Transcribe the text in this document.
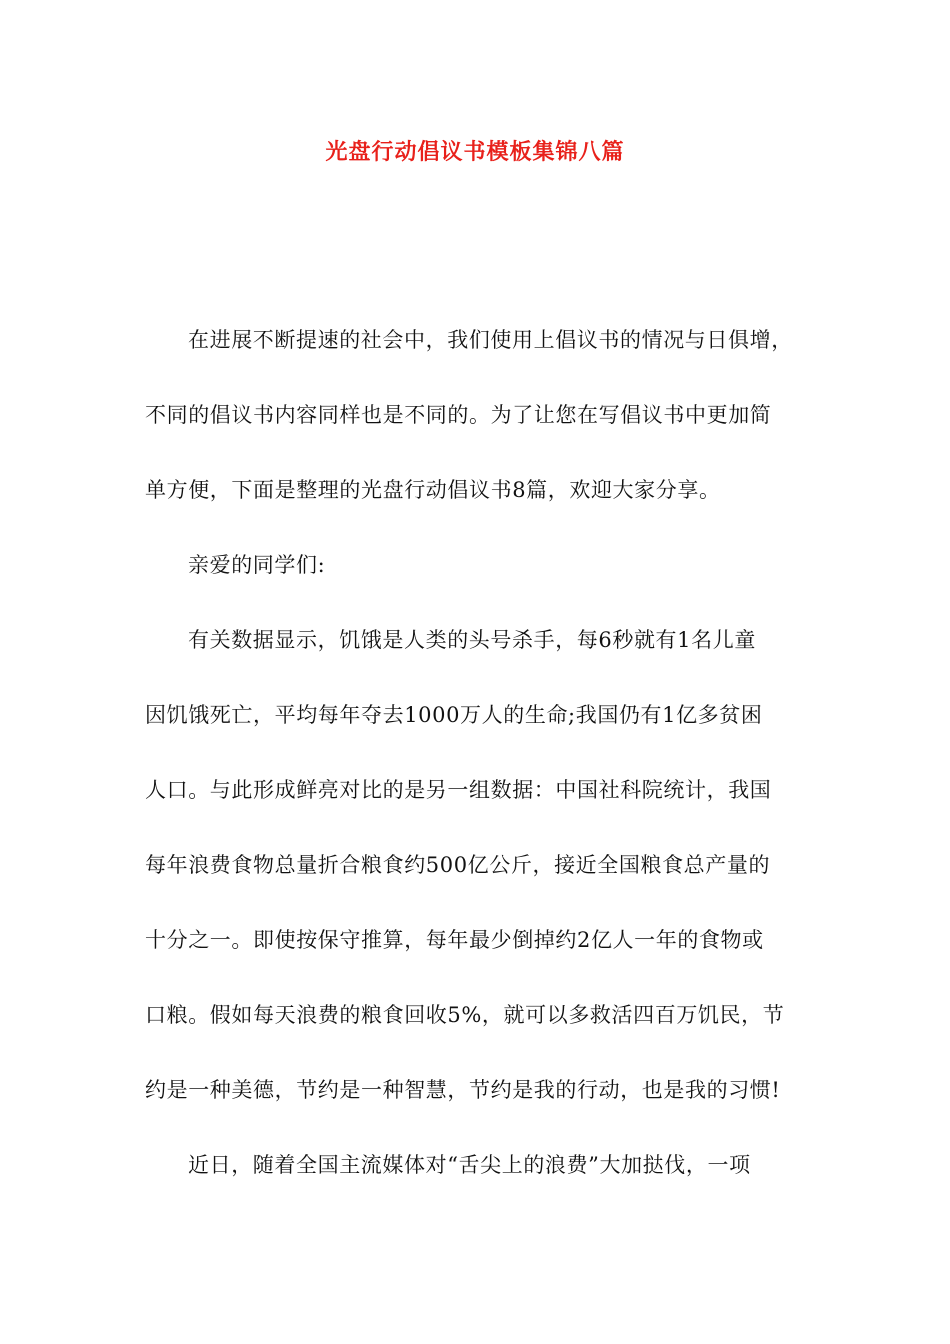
光盘行动倡议书模板集锦八篇
在进展不断提速的社会中，我们使用上倡议书的情况与日俱增，
不同的倡议书内容同样也是不同的。为了让您在写倡议书中更加简
单方便，下面是整理的光盘行动倡议书8篇，欢迎大家分享。
亲爱的同学们:
有关数据显示，饥饿是人类的头号杀手，每6秒就有1名儿童
因饥饿死亡，平均每年夺去1000万人的生命;我国仍有1亿多贫困
人口。与此形成鲜亮对比的是另一组数据：中国社科院统计，我国
每年浪费食物总量折合粮食约500亿公斤，接近全国粮食总产量的
十分之一。即使按保守推算，每年最少倒掉约2亿人一年的食物或
口粮。假如每天浪费的粮食回收5%，就可以多救活四百万饥民，节
约是一种美德，节约是一种智慧，节约是我的行动，也是我的习惯!
近日，随着全国主流媒体对“舌尖上的浪费”大加挞伐，一项
